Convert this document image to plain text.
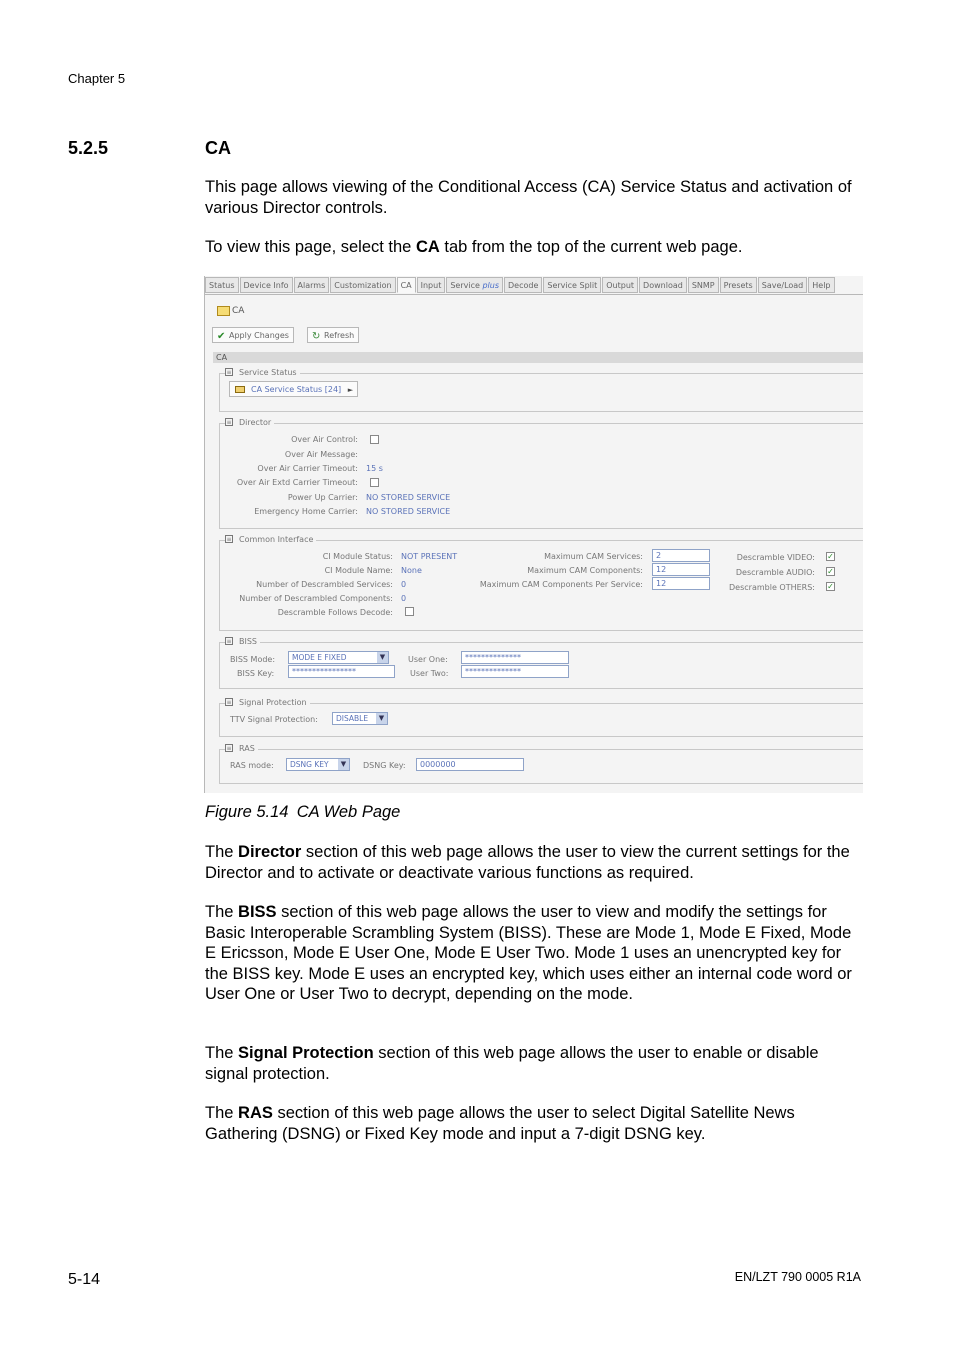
Chapter 5
5.2.5	CA

This page allows viewing of the Conditional Access (CA) Service Status and activation of various Director controls.

To view this page, select the CA tab from the top of the current web page.

Status	Device Info	Alarms	Customization	CA	Input	Service plus	Decode	Service Split	Output	Download	SNMP	Presets	Save/Load	Help
CA
✔ Apply Changes	↻ Refresh
CA
≡ Service Status
CA Service Status [24] ►
≡ Director
Over Air Control:
Over Air Message:
Over Air Carrier Timeout: 15 s
Over Air Extd Carrier Timeout:
Power Up Carrier: NO STORED SERVICE
Emergency Home Carrier: NO STORED SERVICE
≡ Common Interface
CI Module Status: NOT PRESENT
CI Module Name: None
Number of Descrambled Services: 0
Number of Descrambled Components: 0
Descramble Follows Decode:
Maximum CAM Services:	2
Maximum CAM Components:	12
Maximum CAM Components Per Service:	12
Descramble VIDEO: ✓
Descramble AUDIO: ✓
Descramble OTHERS: ✓
≡ BISS
BISS Mode:	MODE E FIXED	▼
BISS Key:	****************
User One:	**************
User Two:	**************
≡ Signal Protection
TTV Signal Protection:	DISABLE	▼
≡ RAS
RAS mode:	DSNG KEY	▼	DSNG Key:	0000000
Figure 5.14 CA Web Page

The Director section of this web page allows the user to view the current settings for the Director and to activate or deactivate various functions as required.

The BISS section of this web page allows the user to view and modify the settings for Basic Interoperable Scrambling System (BISS). These are Mode 1, Mode E Fixed, Mode E Ericsson, Mode E User One, Mode E User Two. Mode 1 uses an unencrypted key for the BISS key. Mode E uses an encrypted key, which uses either an internal code word or User One or User Two to decrypt, depending on the mode.

The Signal Protection section of this web page allows the user to enable or disable signal protection.

The RAS section of this web page allows the user to select Digital Satellite News Gathering (DSNG) or Fixed Key mode and input a 7-digit DSNG key.

5-14	EN/LZT 790 0005 R1A
